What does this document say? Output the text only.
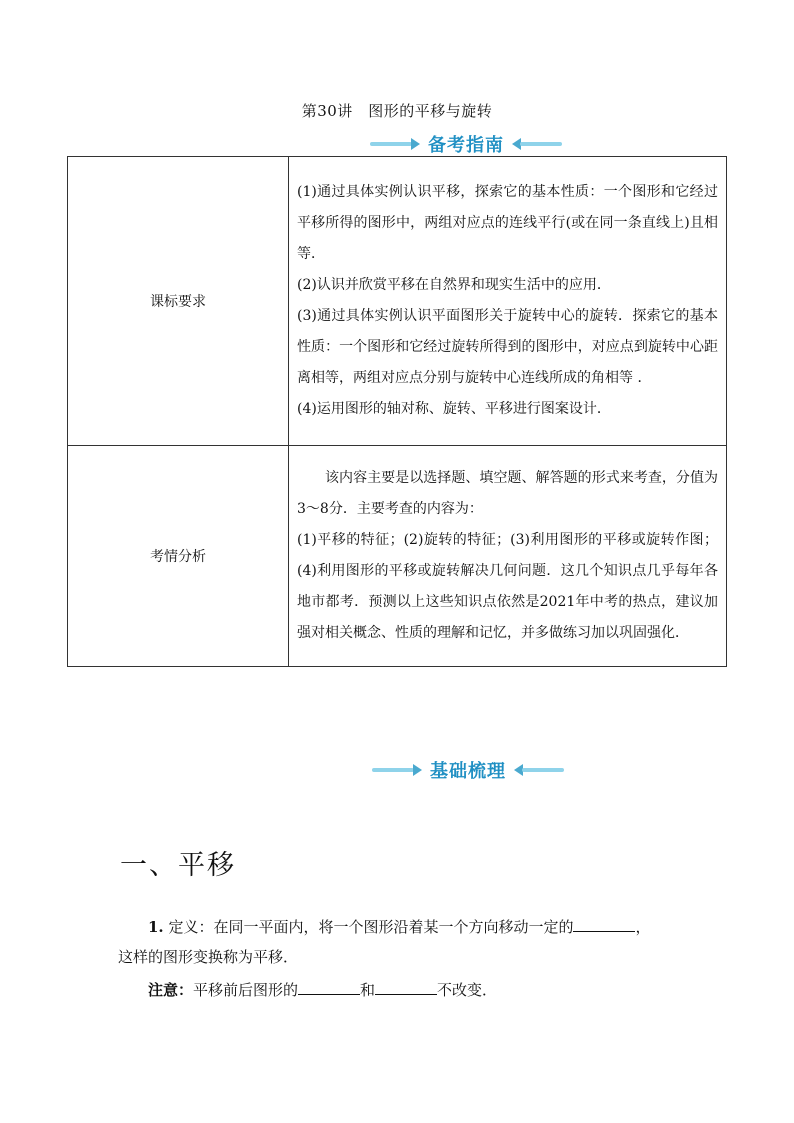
第30讲　图形的平移与旋转
备考指南
课标要求	(1)通过具体实例认识平移，探索它的基本性质：一个图形和它经过平移所得的图形中，两组对应点的连线平行(或在同一条直线上)且相等．
(2)认识并欣赏平移在自然界和现实生活中的应用．
(3)通过具体实例认识平面图形关于旋转中心的旋转．探索它的基本性质：一个图形和它经过旋转所得到的图形中，对应点到旋转中心距离相等，两组对应点分别与旋转中心连线所成的角相等 ．
(4)运用图形的轴对称、旋转、平移进行图案设计．

考情分析	该内容主要是以选择题、填空题、解答题的形式来考查，分值为3～8分．主要考查的内容为：
(1)平移的特征；(2)旋转的特征；(3)利用图形的平移或旋转作图；(4)利用图形的平移或旋转解决几何问题．这几个知识点几乎每年各地市都考．预测以上这些知识点依然是2021年中考的热点，建议加强对相关概念、性质的理解和记忆，并多做练习加以巩固强化．
基础梳理
一、平移
1. 定义：在同一平面内，将一个图形沿着某一个方向移动一定的	，
这样的图形变换称为平移．
注意：平移前后图形的	和	不改变．
